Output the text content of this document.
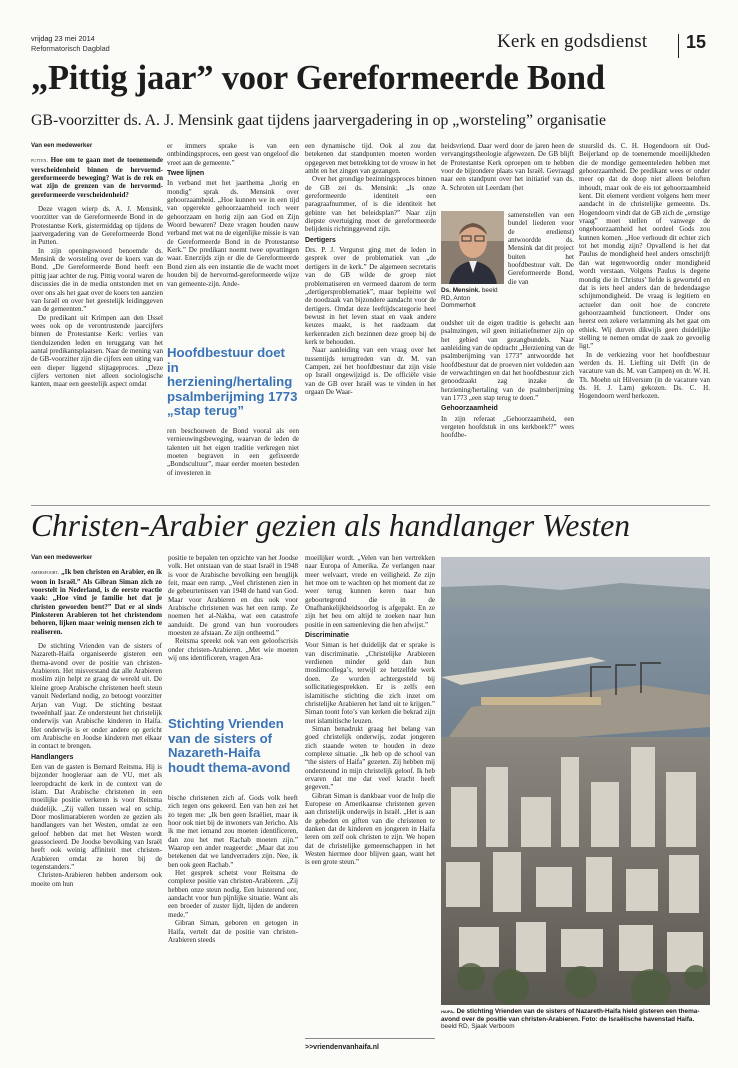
vrijdag 23 mei 2014
Reformatorisch Dagblad	Kerk en godsdienst 15
„Pittig jaar” voor Gereformeerde Bond
GB-voorzitter ds. A. J. Mensink gaat tijdens jaarvergadering in op „worsteling” organisatie

Van een medewerker

putten. Hoe om te gaan met de toenemende verscheidenheid binnen de hervormd-gereformeerde beweging? Wat is de rek en wat zijn de grenzen van de hervormd-gereformeerde verscheidenheid?

Deze vragen wierp ds. A. J. Mensink, voorzitter van de Gereformeerde Bond in de Protestantse Kerk, gistermiddag op tijdens de jaarvergadering van de Gereformeerde Bond in Putten.

In zijn openingswoord benoemde ds. Mensink de worsteling over de koers van de Bond. „De Gereformeerde Bond heeft een pittig jaar achter de rug. Pittig vooral waren de discussies die in de media ontstonden met en over ons als het gaat over de koers ten aanzien van Israël en over het geestelijk leidinggeven aan de gemeenten.”

De predikant uit Krimpen aan den IJssel wees ook op de verontrustende jaarcijfers binnen de Protestantse Kerk: verlies van tienduizenden leden en teruggang van het aantal predikantsplaatsen. Naar de mening van de GB-voorzitter zijn die cijfers een uiting van een dieper liggend slijtageproces. „Deze cijfers vertonen niet alleen sociologische kanten, maar een geestelijk aspect omdat

er immers sprake is van een ontbindingsproces, een geest van ongeloof die vreet aan de gemeente.”

Twee lijnen

In verband met het jaarthema „horig en mondig” sprak ds. Mensink over gehoorzaamheid. „Hoe kunnen we in een tijd van opgerekte gehoorzaamheid toch weer gehoorzaam en horig zijn aan God en Zijn Woord bewaren? Deze vragen houden nauw verband met wat nu de eigenlijke missie is van de Gereformeerde Bond in de Protestantse Kerk.” De predikant noemt twee opvattingen waar. Enerzijds zijn er die de Gereformeerde Bond zien als een instantie die de wacht moet houden bij de hervormd-gereformeerde wijze van gemeente-zijn. Ande-

Hoofdbestuur doet in herziening/hertaling psalmberijming 1773 „stap terug”

ren beschouwen de Bond vooral als een vernieuwingsbeweging, waarvan de leden de talenten uit het eigen traditie verkregen niet moeten begraven in een gefixeerde „Bondscultuur”, maar eerder moeten besteden of investeren in

een dynamische tijd. Ook al zou dat betekenen dat standpunten moeten worden opgegeven met betrekking tot de vrouw in het ambt en het zingen van gezangen.

Over het grondige bezinningsproces binnen de GB zei ds. Mensink: „Is onze gereformeerde identiteit een paragraafnummer, of is die identiteit het gebinte van het beleidsplan?” Naar zijn diepste overtuiging moet de gereformeerde belijdenis richtinggevend zijn.

Dertigers

Drs. P. J. Vergunst ging met de leden in gesprek over de problematiek van „de dertigers in de kerk.” De algemeen secretaris van de GB wilde de groep niet problematiseren en vermeed daarom de term „dertigersproblematiek”, maar bepleitte wel de noodzaak van bijzondere aandacht voor de dertigers. Omdat deze leeftijdscategorie heel bewust in het leven staat en vaak andere keuzes maakt, is het raadzaam dat kerkenraden zich bezinnen deze groep bij de kerk te behouden.

Naar aanleiding van een vraag over het tussentijds terugtreden van dr. M. van Campen, zei het hoofdbestuur dat zijn visie op Israël ongewijzigd is. De officiële visie van de GB over Israël was te vinden in het orgaan De Waar-

heidsvriend. Daar werd door de jaren heen de vervangingstheologie afgewezen. De GB blijft de Protestantse Kerk oproepen om te hebben voor de bijzondere plaats van Israël. Gevraagd naar een standpunt over het initiatief van ds. A. Schroten uit Leerdam (het

Ds. Mensink. beeld RD, Anton Dommerholt

samenstellen van een bundel liederen voor de eredienst) antwoordde ds. Mensink dat dit project buiten het hoofdbestuur valt. De Gereformeerde Bond, die van

oudsher uit de eigen traditie is gehecht aan psalmzingen, wil geen initiatiefnemer zijn op het gebied van gezangbundels. Naar aanleiding van de opdracht „Herziening van de psalmberijming van 1773” antwoordde het hoofdbestuur dat de proeven niet voldeden aan de verwachtingen en dat het hoofdbestuur zich genoodzaakt zag inzake de herziening/hertaling van de psalmberijming van 1773 „een stap terug te doen.”

Gehoorzaamheid

In zijn referaat „Gehoorzaamheid, een vergeten hoofdstuk in ons kerkboek!?” wees hoofdbe-

stuurslid ds. C. H. Hogendoorn uit Oud-Beijerland op de toenemende moeilijkheden die de mondige gemeenteleden hebben met gehoorzaamheid. De predikant wees er onder meer op dat de doop niet alleen beloften inhoudt, maar ook de eis tot gehoorzaamheid kent. Dit element verdient volgens hem meer aandacht in de christelijke gemeente. Ds. Hogendoorn vindt dat de GB zich de „ernstige vraag” moet stellen of vanwege de ongehoorzaamheid het oordeel Gods zou kunnen komen. „Hoe verhoudt dit echter zich tot het mondig zijn? Opvallend is het dat Paulus de mondigheid heel anders omschrijft dan wat tegenwoordig onder mondigheid wordt verstaan. Volgens Paulus is degene mondig die in Christus’ liefde is geworteld en dat is iets heel anders dan de hedendaagse schijnmondigheid. De vraag is legitiem en actueler dan ooit hoe de concrete gehoorzaamheid functioneert. Onder ons heerst een zekere verlamming als het gaat om ethiek. Wij durven dikwijls geen duidelijke stelling te nemen omdat de zaak zo gevoelig ligt.”

In de verkiezing voor het hoofdbestuur werden ds. H. Liefting uit Delft (in de vacature van ds. M. van Campen) en dr. W. H. Th. Moehn uit Hilversum (in de vacature van ds. H. J. Lam) gekozen. Ds. C. H. Hogendoorn werd herkozen.

Christen-Arabier gezien als handlanger Westen

Van een medewerker

amersfoort. „Ik ben christen en Arabier, en ik woon in Israël.” Als Gibran Siman zich zo voorstelt in Nederland, is de eerste reactie vaak: „Hoe vind je familie het dat je christen geworden bent?” Dat er al sinds Pinksteren Arabieren tot het christendom behoren, lijken maar weinig mensen zich te realiseren.

De stichting Vrienden van de sisters of Nazareth-Haifa organiseerde gisteren een thema-avond over de positie van christen-Arabieren. Het misverstand dat alle Arabieren moslim zijn helpt ze graag de wereld uit. De kleine groep Arabische christenen heeft steun vanuit Nederland nodig, zo betoogt voorzitter Arjan van Vugt. De stichting bestaat tweeënhalf jaar. Ze ondersteunt het christelijk onderwijs van Arabische kinderen in Haifa. Het onderwijs is er onder andere op gericht om Arabische en Joodse kinderen met elkaar in contact te brengen.

Handlangers

Een van de gasten is Bernard Reitsma. Hij is bijzonder hoogleraar aan de VU, met als leeropdracht de kerk in de context van de islam. Dat Arabische christenen in een moeilijke positie verkeren is voor Reitsma duidelijk. „Zij vallen tussen wal en schip. Door moslimarabieren worden ze gezien als handlangers van het Westen, omdat ze een geloof hebben dat met het Westen wordt geassocieerd. De Joodse bevolking van Israël heeft ook weinig affiniteit met christen-Arabieren omdat ze horen bij de tegenstanders.”

Christen-Arabieren hebben andersom ook moeite om hun

positie te bepalen ten opzichte van het Joodse volk. Het ontstaan van de staat Israël in 1948 is voor de Arabische bevolking een heuglijk feit, maar een ramp. „Veel christenen zien in de gebeurtenissen van 1948 de hand van God. Maar voor Arabieren en dus ook voor Arabische christenen was het een ramp. Ze noemen het al-Nakba, wat een catastrofe aanduidt. De grond van hun voorouders moesten ze afstaan. Ze zijn ontheemd.”

Reitsma spreekt ook van een geloofscrisis onder christen-Arabieren. „Met wie moeten wij ons identificeren, vragen Ara-

Stichting Vrienden van de sisters of Nazareth-Haifa houdt thema-avond

bische christenen zich af. Gods volk heeft zich tegen ons gekeerd. Een van hen zei het zo tegen me: „Ik ben geen Israëliet, maar ik hoor ook niet bij de inwoners van Jericho. Als ik me met iemand zou moeten identificeren, dan zou het met Rachab moeten zijn.” Waarop een ander reageerde: „Maar dat zou betekenen dat we landverraders zijn. Nee, ik ben ook geen Rachab.”

Het gesprek schetst voor Reitsma de complexe positie van christen-Arabieren. „Zij hebben onze steun nodig. Een luisterend oor, aandacht voor hun pijnlijke situatie. Want als een broeder of zuster lijdt, lijden de anderen mede.”

Gibran Siman, geboren en getogen in Haifa, vertelt dat de positie van christen-Arabieren steeds

moeilijker wordt. „Velen van hen vertrekken naar Europa of Amerika. Ze verlangen naar meer welvaart, vrede en veiligheid. Ze zijn het moe om te wachten op het moment dat ze weer terug kunnen keren naar hun geboortegrond die in de Onafhankelijkheidsoorlog is afgepakt. En ze zijn het beu om altijd te zoeken naar hun positie in een samenleving die hen afwijst.”

Discriminatie

Voor Siman is het duidelijk dat er sprake is van discriminatie. „Christelijke Arabieren verdienen minder geld dan hun moslimcollega’s, terwijl ze hetzelfde werk doen. Ze worden achtergesteld bij sollicitatiegesprekken. Er is zelfs een islamitische stichting die zich inzet om christelijke Arabieren het land uit te krijgen.” Siman toont foto’s van kerken die bekrad zijn met islamitische leuzen.

Siman benadrukt graag het belang van goed christelijk onderwijs, zodat jongeren zich staande weten te houden in deze complexe situatie. „Ik heb op de school van “the sisters of Haifa” gezeten. Zij hebben mij ondersteund in mijn christelijk geloof. Ik heb ervaren dat me dat veel kracht heeft gegeven.”

Gibran Siman is dankbaar voor de hulp die Europese en Amerikaanse christenen geven aan christelijk onderwijs in Israël. „Het is aan de gebeden en giften van die christenen te danken dat de kinderen en jongeren in Haifa leren om zelf ook christen te zijn. We hopen dat de christelijke gemeenschappen in het Westen hiermee door blijven gaan, want het is een grote steun.”

>>vriendenvanhaifa.nl
haifa. De stichting Vrienden van de sisters of Nazareth-Haifa hield gisteren een thema-avond over de positie van christen-Arabieren. Foto: de Israëlische havenstad Haifa. beeld RD, Sjaak Verboom
